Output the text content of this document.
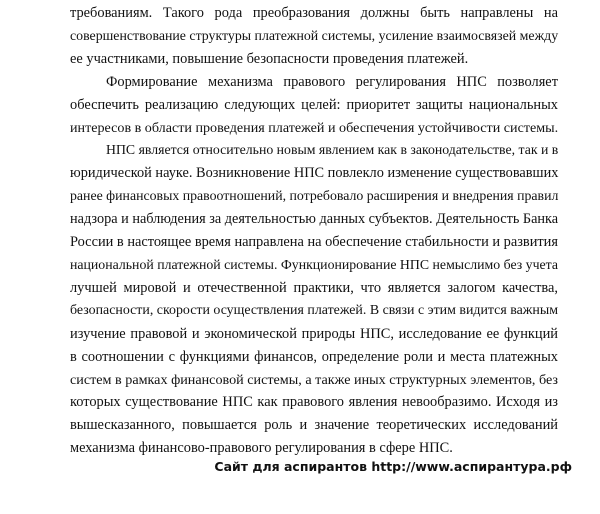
требованиям. Такого рода преобразования должны быть направлены на
совершенствование структуры платежной системы, усиление взаимосвязей между
ее участниками, повышение безопасности проведения платежей.

Формирование механизма правового регулирования НПС позволяет
обеспечить реализацию следующих целей: приоритет защиты национальных
интересов в области проведения платежей и обеспечения устойчивости системы.

НПС является относительно новым явлением как в законодательстве, так и в
юридической науке. Возникновение НПС повлекло изменение существовавших
ранее финансовых правоотношений, потребовало расширения и внедрения правил
надзора и наблюдения за деятельностью данных субъектов. Деятельность Банка
России в настоящее время направлена на обеспечение стабильности и развития
национальной платежной системы. Функционирование НПС немыслимо без учета
лучшей мировой и отечественной практики, что является залогом качества,
безопасности, скорости осуществления платежей. В связи с этим видится важным
изучение правовой и экономической природы НПС, исследование ее функций
в соотношении с функциями финансов, определение роли и места платежных
систем в рамках финансовой системы, а также иных структурных элементов, без
которых существование НПС как правового явления невообразимо. Исходя из
вышесказанного, повышается роль и значение теоретических исследований
механизма финансово-правового регулирования в сфере НПС.

Сайт для аспирантов http://www.аспирантура.рф
